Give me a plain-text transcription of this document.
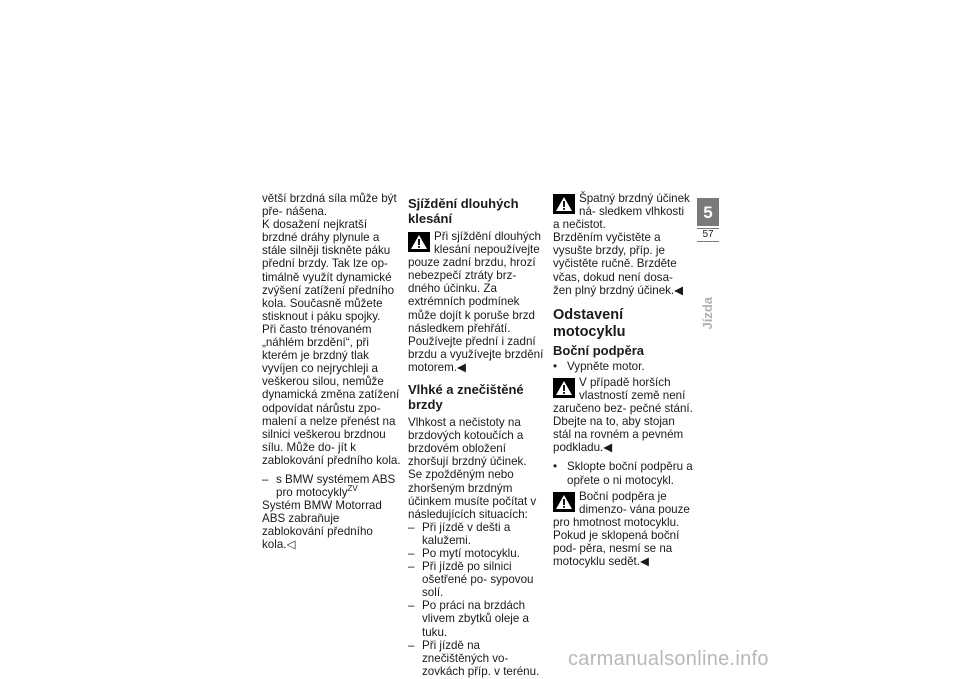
větší brzdná síla může být pře- nášena.

K dosažení nejkratší brzdné dráhy plynule a stále silněji tiskněte páku přední brzdy. Tak lze op- timálně využít dynamické zvýšení zatížení předního kola. Současně můžete stisknout i páku spojky.

Při často trénovaném „náhlém brzdění“, při kterém je brzdný tlak vyvíjen co nejrychleji a veškerou silou, nemůže dynamická změna zatížení odpovídat nárůstu zpo- malení a nelze přenést na silnici veškerou brzdnou sílu. Může do- jít k zablokování předního kola.

– s BMW systémem ABS pro motocykly$^{ZV}$

Systém BMW Motorrad ABS zabraňuje zablokování předního kola.◁

Sjíždění dlouhých klesání

Při sjíždění dlouhých klesání nepoužívejte pouze zadní brzdu, hrozí nebezpečí ztráty brz- dného účinku. Za extrémních podmínek může dojít k poruše brzd následkem přehřátí.

Používejte přední i zadní brzdu a využívejte brzdění motorem.◀

Vlhké a znečištěné brzdy

Vlhkost a nečistoty na brzdových kotoučích a brzdovém obložení zhoršují brzdný účinek.

Se zpožděným nebo zhoršeným brzdným účinkem musíte počítat v následujících situacích:

– Při jízdě v dešti a kalužemi.

– Po mytí motocyklu.

– Při jízdě po silnici ošetřené po- sypovou solí.

– Po práci na brzdách vlivem zbytků oleje a tuku.

– Při jízdě na znečištěných vo- zovkách příp. v terénu.

Špatný brzdný účinek ná- sledkem vlhkosti a nečistot.

Brzděním vyčistěte a vysušte brzdy, příp. je vyčistěte ručně. Brzděte včas, dokud není dosa- žen plný brzdný účinek.◀

Odstavení motocyklu
Boční podpěra

• Vypněte motor.

V případě horších vlastností země není zaručeno bez- pečné stání.

Dbejte na to, aby stojan stál na rovném a pevném podkladu.◀

• Sklopte boční podpěru a opřete o ni motocykl.

Boční podpěra je dimenzo- vána pouze pro hmotnost motocyklu.

Pokud je sklopená boční pod- pěra, nesmí se na motocyklu sedět.◀

5
57
Jízda
carmanualsonline.info
